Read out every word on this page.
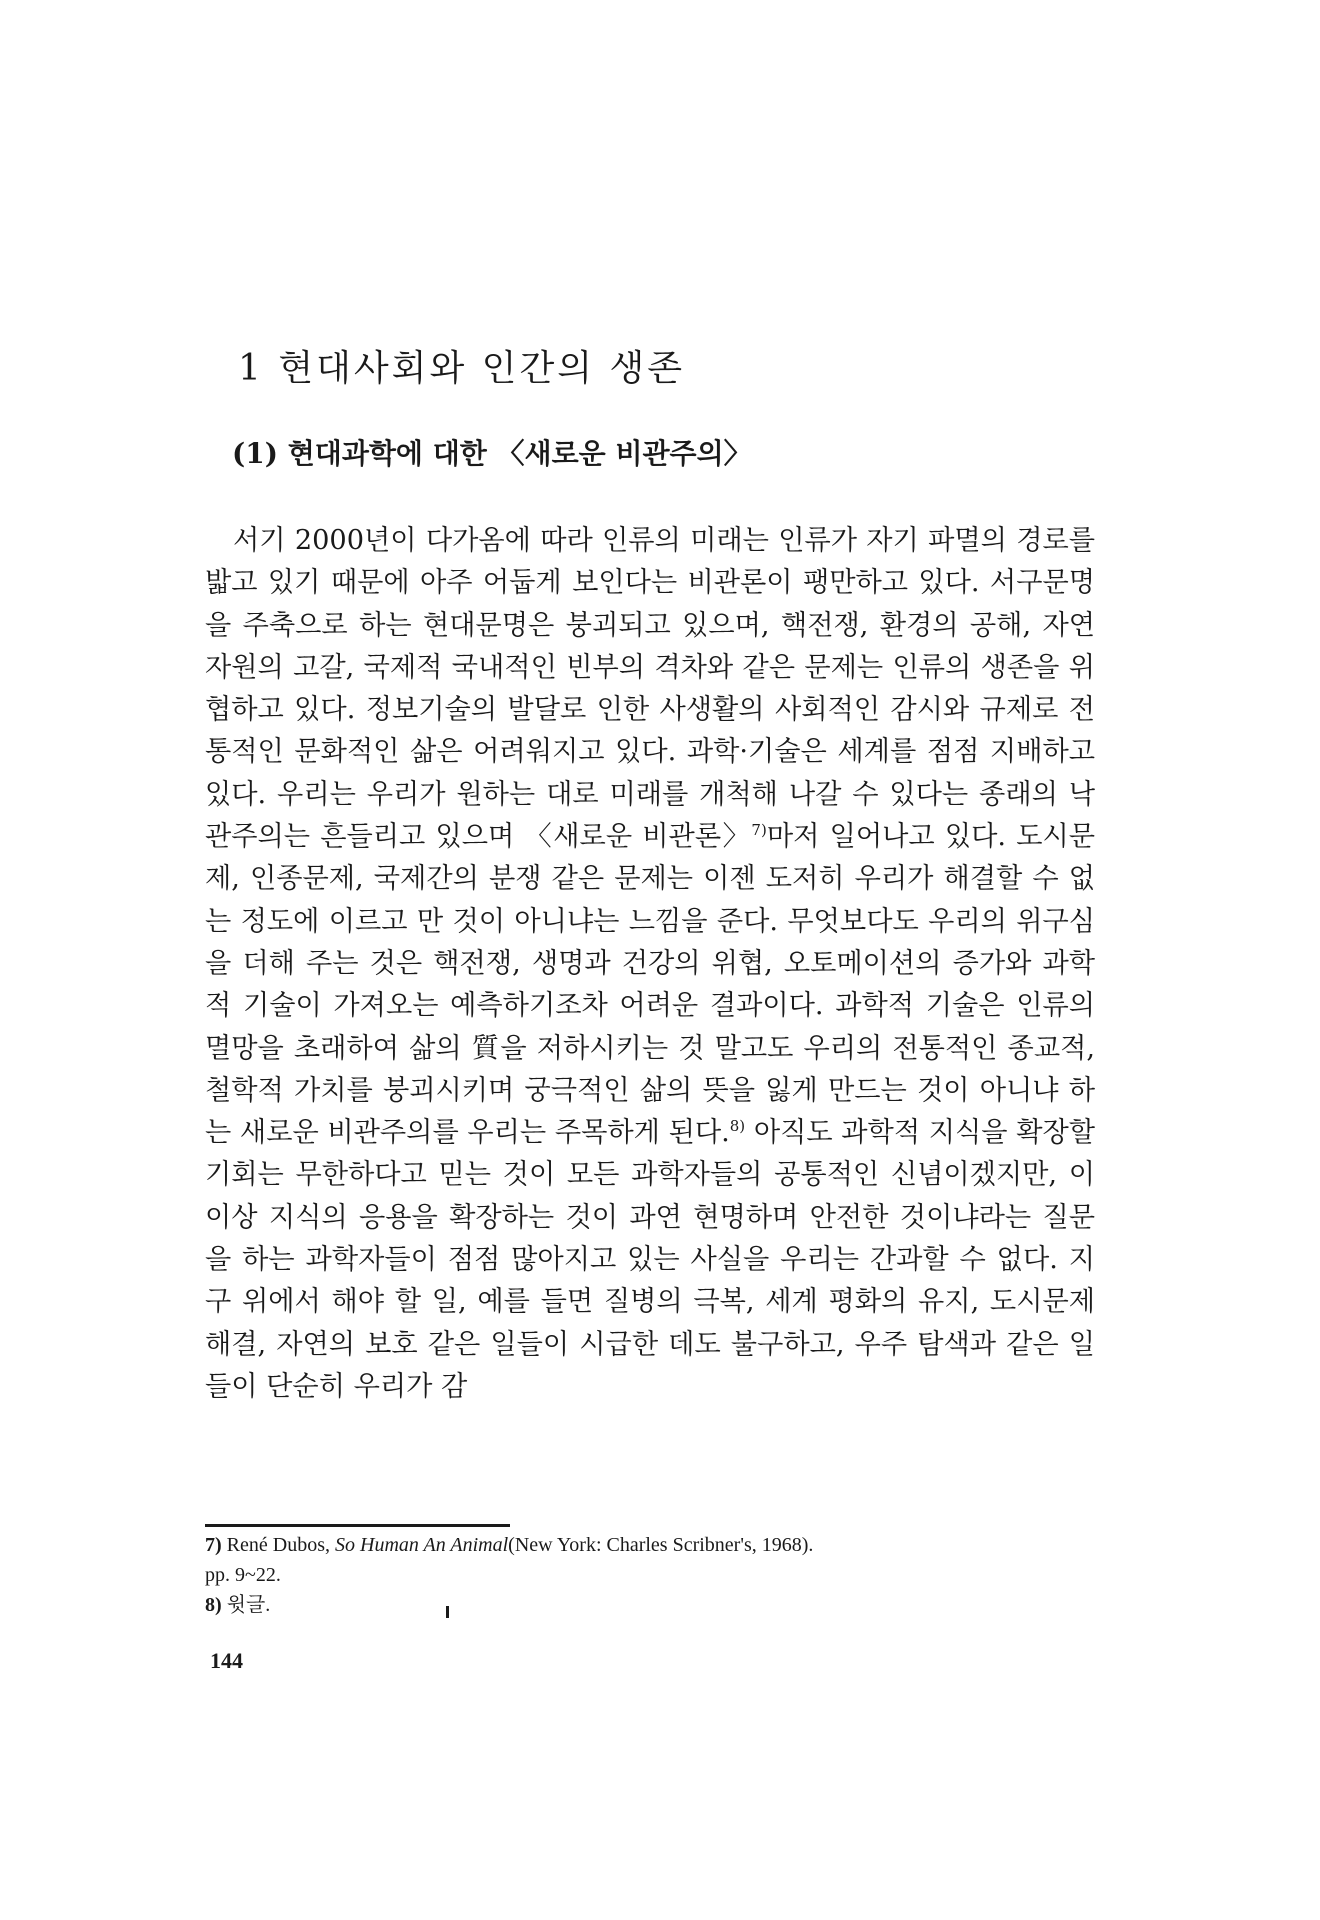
1 현대사회와 인간의 생존
(1) 현대과학에 대한 〈새로운 비관주의〉

서기 2000년이 다가옴에 따라 인류의 미래는 인류가 자기 파멸의 경로를 밟고 있기 때문에 아주 어둡게 보인다는 비관론이 팽만하고 있다. 서구문명을 주축으로 하는 현대문명은 붕괴되고 있으며, 핵전쟁, 환경의 공해, 자연자원의 고갈, 국제적 국내적인 빈부의 격차와 같은 문제는 인류의 생존을 위협하고 있다. 정보기술의 발달로 인한 사생활의 사회적인 감시와 규제로 전통적인 문화적인 삶은 어려워지고 있다. 과학·기술은 세계를 점점 지배하고 있다. 우리는 우리가 원하는 대로 미래를 개척해 나갈 수 있다는 종래의 낙관주의는 흔들리고 있으며 〈새로운 비관론〉$^{7)}$마저 일어나고 있다. 도시문제, 인종문제, 국제간의 분쟁 같은 문제는 이젠 도저히 우리가 해결할 수 없는 정도에 이르고 만 것이 아니냐는 느낌을 준다. 무엇보다도 우리의 위구심을 더해 주는 것은 핵전쟁, 생명과 건강의 위협, 오토메이션의 증가와 과학적 기술이 가져오는 예측하기조차 어려운 결과이다. 과학적 기술은 인류의 멸망을 초래하여 삶의 質을 저하시키는 것 말고도 우리의 전통적인 종교적, 철학적 가치를 붕괴시키며 궁극적인 삶의 뜻을 잃게 만드는 것이 아니냐 하는 새로운 비관주의를 우리는 주목하게 된다.$^{8)}$ 아직도 과학적 지식을 확장할 기회는 무한하다고 믿는 것이 모든 과학자들의 공통적인 신념이겠지만, 이 이상 지식의 응용을 확장하는 것이 과연 현명하며 안전한 것이냐라는 질문을 하는 과학자들이 점점 많아지고 있는 사실을 우리는 간과할 수 없다. 지구 위에서 해야 할 일, 예를 들면 질병의 극복, 세계 평화의 유지, 도시문제 해결, 자연의 보호 같은 일들이 시급한 데도 불구하고, 우주 탐색과 같은 일들이 단순히 우리가 감

7) René Dubos, So Human An Animal(New York: Charles Scribner's, 1968).
pp. 9~22.

8) 윗글.

144
